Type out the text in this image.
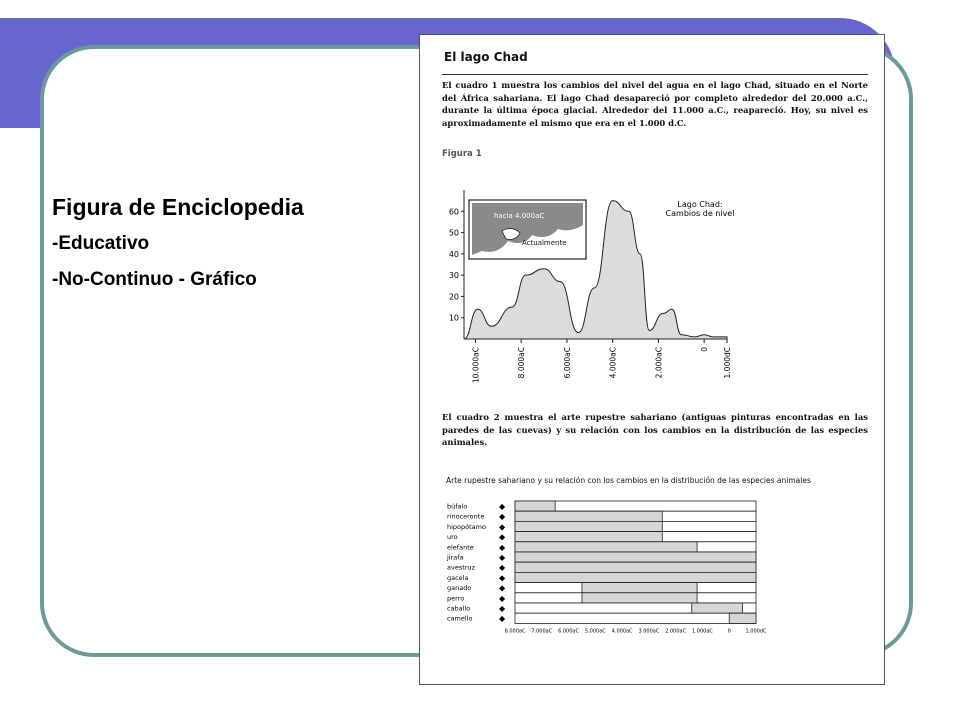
Figura de Enciclopedia
-Educativo
-No-Continuo - Gráfico
El lago Chad
El cuadro 1 muestra los cambios del nivel del agua en el lago Chad, situado en el Norte del África sahariana. El lago Chad desapareció por completo alrededor del 20.000 a.C., durante la última época glacial. Alrededor del 11.000 a.C., reapareció. Hoy, su nivel es aproximadamente el mismo que era en el 1.000 d.C.
Figura 1
10
20
30
40
50
60
10.000aC	8.000aC	6.000aC	4.000aC	2.000aC	0 1.000dC
Lago Chad:
Cambios de nivel
hacia 4.000aC
Actualmente
El cuadro 2 muestra el arte rupestre sahariano (antiguas pinturas encontradas en las paredes de las cuevas) y su relación con los cambios en la distribución de las especies animales.
Arte rupestre sahariano y su relación con los cambios en la distribución de las especies animales
búfalo	◆
rinoceronte ◆
hipopótamo ◆
uro	◆
elefante	◆
jirafa	◆
avestruz	◆
gacela	◆
ganado	◆
perro	◆
caballo	◆
camello	◆
8.000aC 7.000aC 6.000aC 5.000aC 4.000aC 3.000aC 2.000aC 1.000aC	0	1.000dC
